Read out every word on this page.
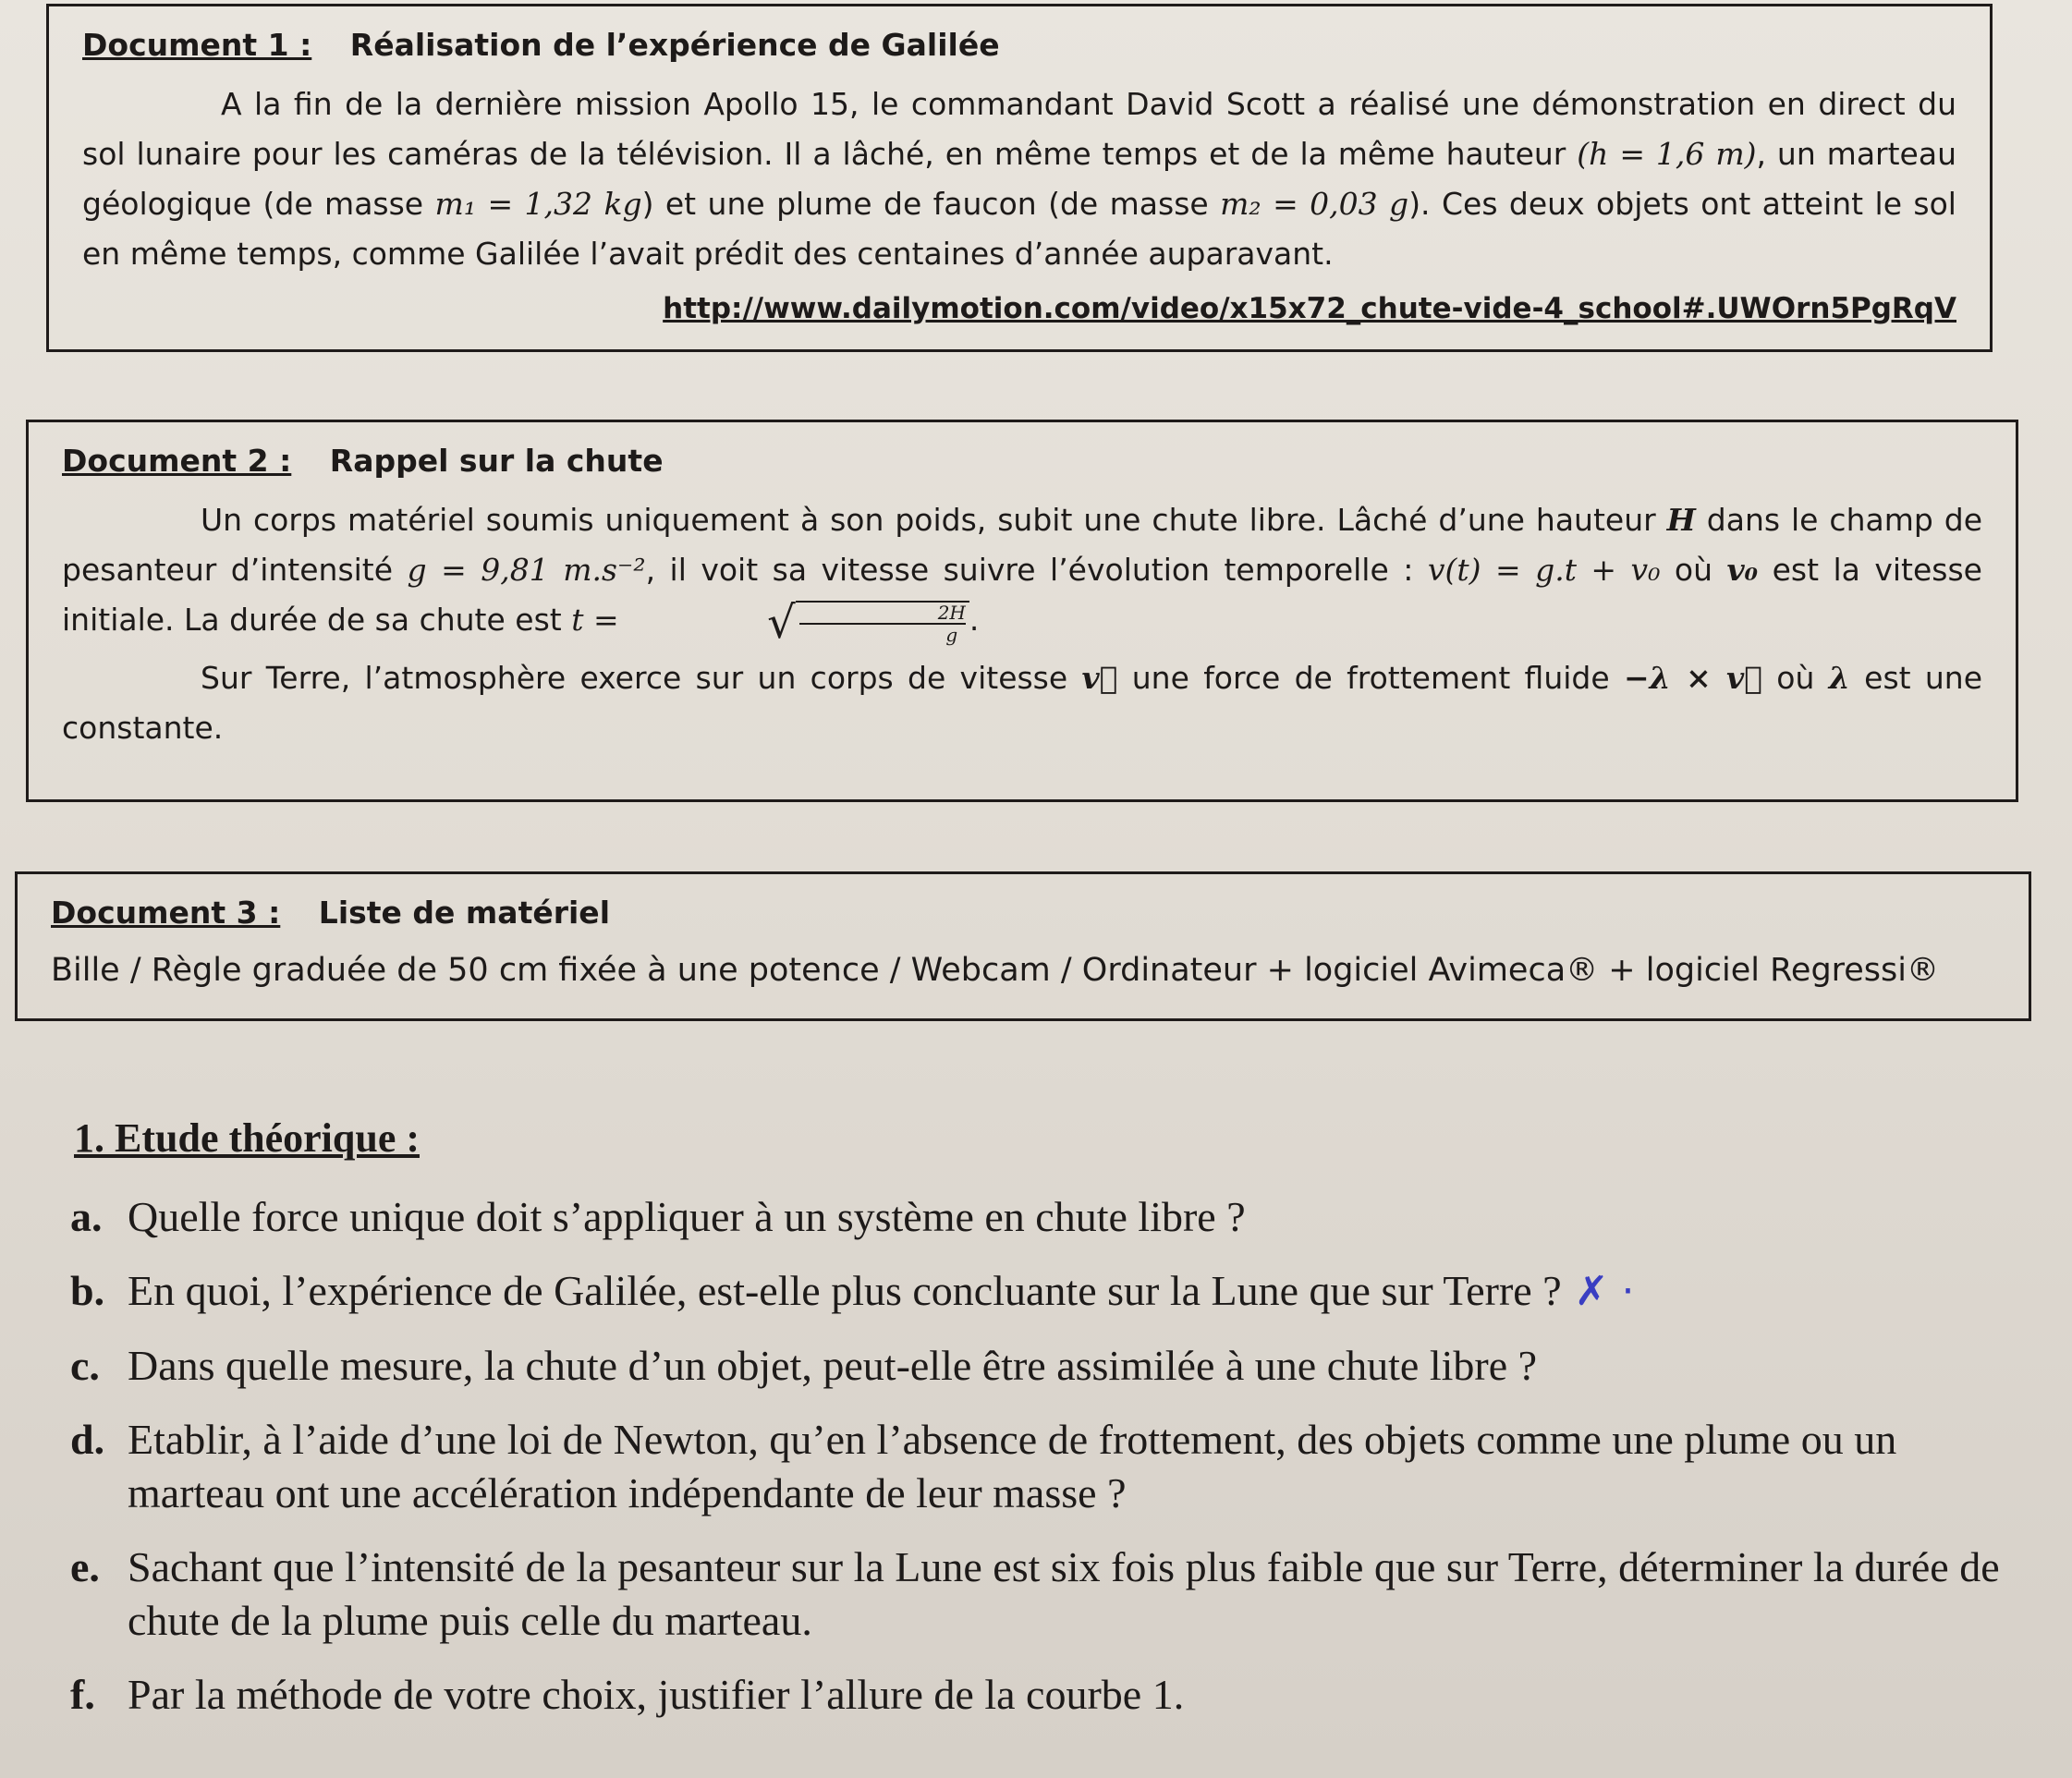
Document 1 : Réalisation de l’expérience de Galilée

A la fin de la dernière mission Apollo 15, le commandant David Scott a réalisé une démonstration en direct du sol lunaire pour les caméras de la télévision. Il a lâché, en même temps et de la même hauteur (h = 1,6 m), un marteau géologique (de masse m₁ = 1,32 kg) et une plume de faucon (de masse m₂ = 0,03 g). Ces deux objets ont atteint le sol en même temps, comme Galilée l’avait prédit des centaines d’année auparavant.

http://www.dailymotion.com/video/x15x72_chute-vide-4_school#.UWOrn5PgRqV
Document 2 : Rappel sur la chute

Un corps matériel soumis uniquement à son poids, subit une chute libre. Lâché d’une hauteur H dans le champ de pesanteur d’intensité g = 9,81 m.s⁻², il voit sa vitesse suivre l’évolution temporelle : v(t) = g.t + v₀ où v₀ est la vitesse initiale. La durée de sa chute est t =	√ $\frac{2H}{g}$ .

Sur Terre, l’atmosphère exerce sur un corps de vitesse v⃗ une force de frottement fluide −λ × v⃗ où λ est une constante.

Document 3 : Liste de matériel

Bille / Règle graduée de 50 cm fixée à une potence / Webcam / Ordinateur + logiciel Avimeca® + logiciel Regressi®

1. Etude théorique :
a. Quelle force unique doit s’appliquer à un système en chute libre ?
b. En quoi, l’expérience de Galilée, est-elle plus concluante sur la Lune que sur Terre ? ✗ ·
c. Dans quelle mesure, la chute d’un objet, peut-elle être assimilée à une chute libre ?
d. Etablir, à l’aide d’une loi de Newton, qu’en l’absence de frottement, des objets comme une plume ou un marteau ont une accélération indépendante de leur masse ?
e. Sachant que l’intensité de la pesanteur sur la Lune est six fois plus faible que sur Terre, déterminer la durée de chute de la plume puis celle du marteau.
f. Par la méthode de votre choix, justifier l’allure de la courbe 1.
